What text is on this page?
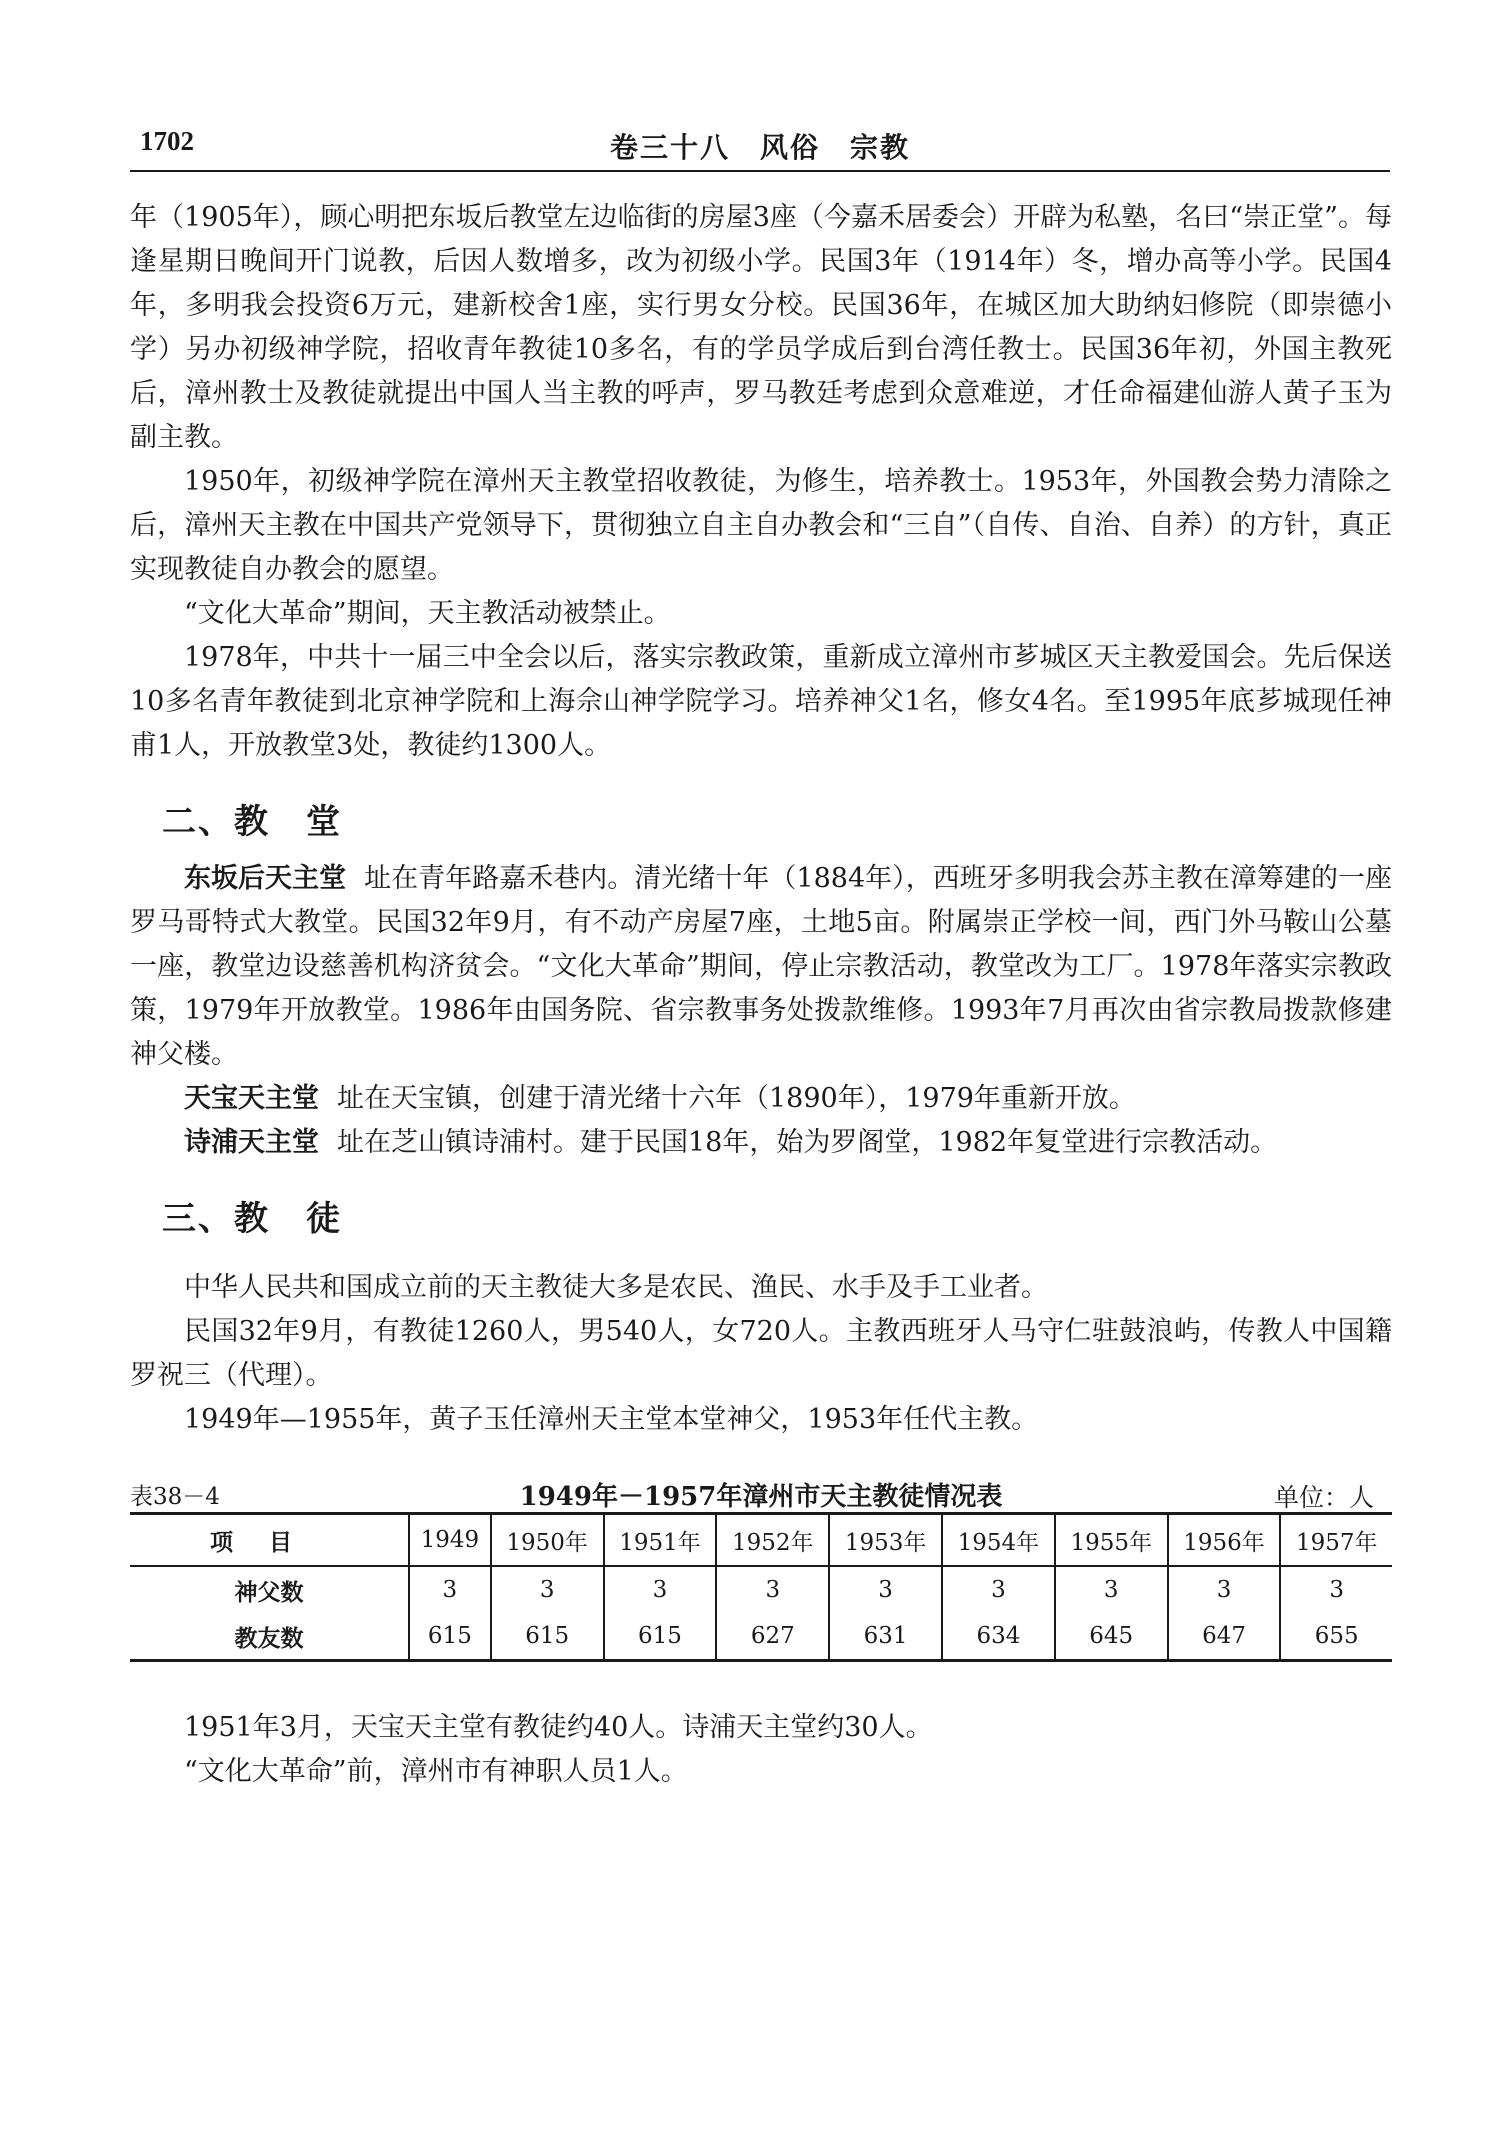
1702	卷三十八　风俗　宗教

年（1905年），顾心明把东坂后教堂左边临街的房屋3座（今嘉禾居委会）开辟为私塾，名曰“崇正堂”。每逢星期日晚间开门说教，后因人数增多，改为初级小学。民国3年（1914年）冬，增办高等小学。民国4年，多明我会投资6万元，建新校舍1座，实行男女分校。民国36年，在城区加大助纳妇修院（即崇德小学）另办初级神学院，招收青年教徒10多名，有的学员学成后到台湾任教士。民国36年初，外国主教死后，漳州教士及教徒就提出中国人当主教的呼声，罗马教廷考虑到众意难逆，才任命福建仙游人黄子玉为副主教。

1950年，初级神学院在漳州天主教堂招收教徒，为修生，培养教士。1953年，外国教会势力清除之后，漳州天主教在中国共产党领导下，贯彻独立自主自办教会和“三自”（自传、自治、自养）的方针，真正实现教徒自办教会的愿望。

“文化大革命”期间，天主教活动被禁止。

1978年，中共十一届三中全会以后，落实宗教政策，重新成立漳州市芗城区天主教爱国会。先后保送10多名青年教徒到北京神学院和上海佘山神学院学习。培养神父1名，修女4名。至1995年底芗城现任神甫1人，开放教堂3处，教徒约1300人。

二、教　堂

东坂后天主堂 址在青年路嘉禾巷内。清光绪十年（1884年），西班牙多明我会苏主教在漳筹建的一座罗马哥特式大教堂。民国32年9月，有不动产房屋7座，土地5亩。附属崇正学校一间，西门外马鞍山公墓一座，教堂边设慈善机构济贫会。“文化大革命”期间，停止宗教活动，教堂改为工厂。1978年落实宗教政策，1979年开放教堂。1986年由国务院、省宗教事务处拨款维修。1993年7月再次由省宗教局拨款修建神父楼。

天宝天主堂 址在天宝镇，创建于清光绪十六年（1890年），1979年重新开放。

诗浦天主堂 址在芝山镇诗浦村。建于民国18年，始为罗阁堂，1982年复堂进行宗教活动。

三、教　徒

中华人民共和国成立前的天主教徒大多是农民、渔民、水手及手工业者。

民国32年9月，有教徒1260人，男540人，女720人。主教西班牙人马守仁驻鼓浪屿，传教人中国籍罗祝三（代理）。

1949年—1955年，黄子玉任漳州天主堂本堂神父，1953年任代主教。

表38－4	1949年－1957年漳州市天主教徒情况表	单位：人
项目	1949	1950年	1951年	1952年	1953年	1954年	1955年	1956年	1957年
神父数	3	3	3	3	3	3	3	3	3
教友数	615	615	615	627	631	634	645	647	655

1951年3月，天宝天主堂有教徒约40人。诗浦天主堂约30人。

“文化大革命”前，漳州市有神职人员1人。
